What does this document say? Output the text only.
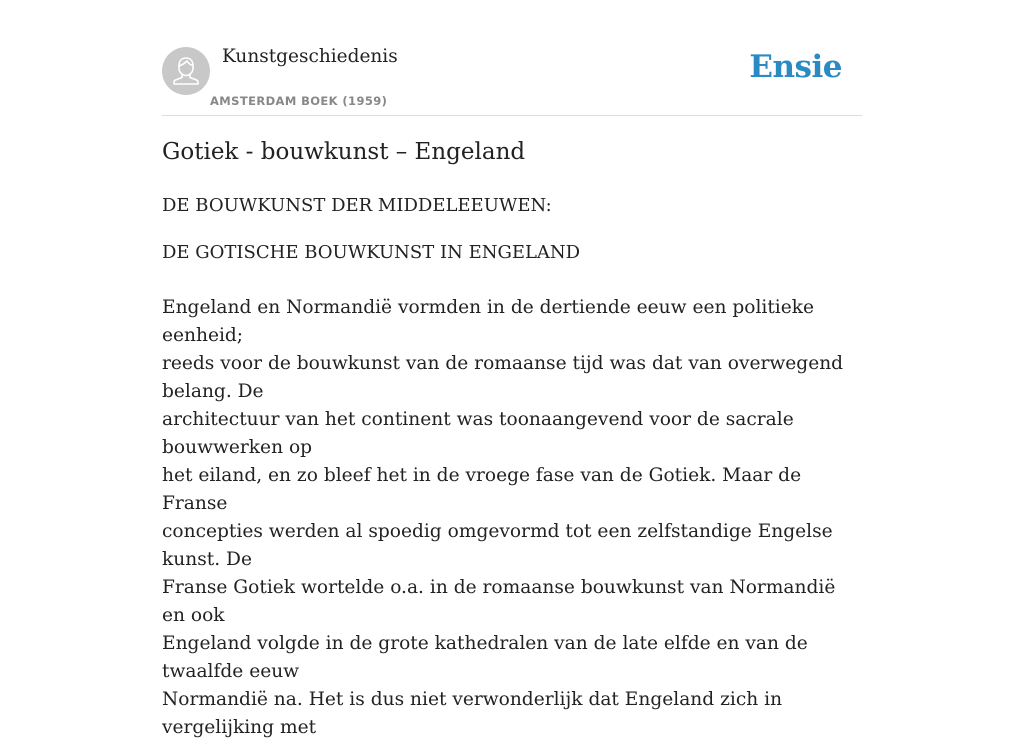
Kunstgeschiedenis
AMSTERDAM BOEK (1959)
Ensie
Gotiek - bouwkunst – Engeland
DE BOUWKUNST DER MIDDELEEUWEN:
DE GOTISCHE BOUWKUNST IN ENGELAND

Engeland en Normandië vormden in de dertiende eeuw een politieke eenheid;

reeds voor de bouwkunst van de romaanse tijd was dat van overwegend belang. De

architectuur van het continent was toonaangevend voor de sacrale bouwwerken op

het eiland, en zo bleef het in de vroege fase van de Gotiek. Maar de Franse

concepties werden al spoedig omgevormd tot een zelfstandige Engelse kunst. De

Franse Gotiek wortelde o.a. in de romaanse bouwkunst van Normandië en ook

Engeland volgde in de grote kathedralen van de late elfde en van de twaalfde eeuw

Normandië na. Het is dus niet verwonderlijk dat Engeland zich in vergelijking met
